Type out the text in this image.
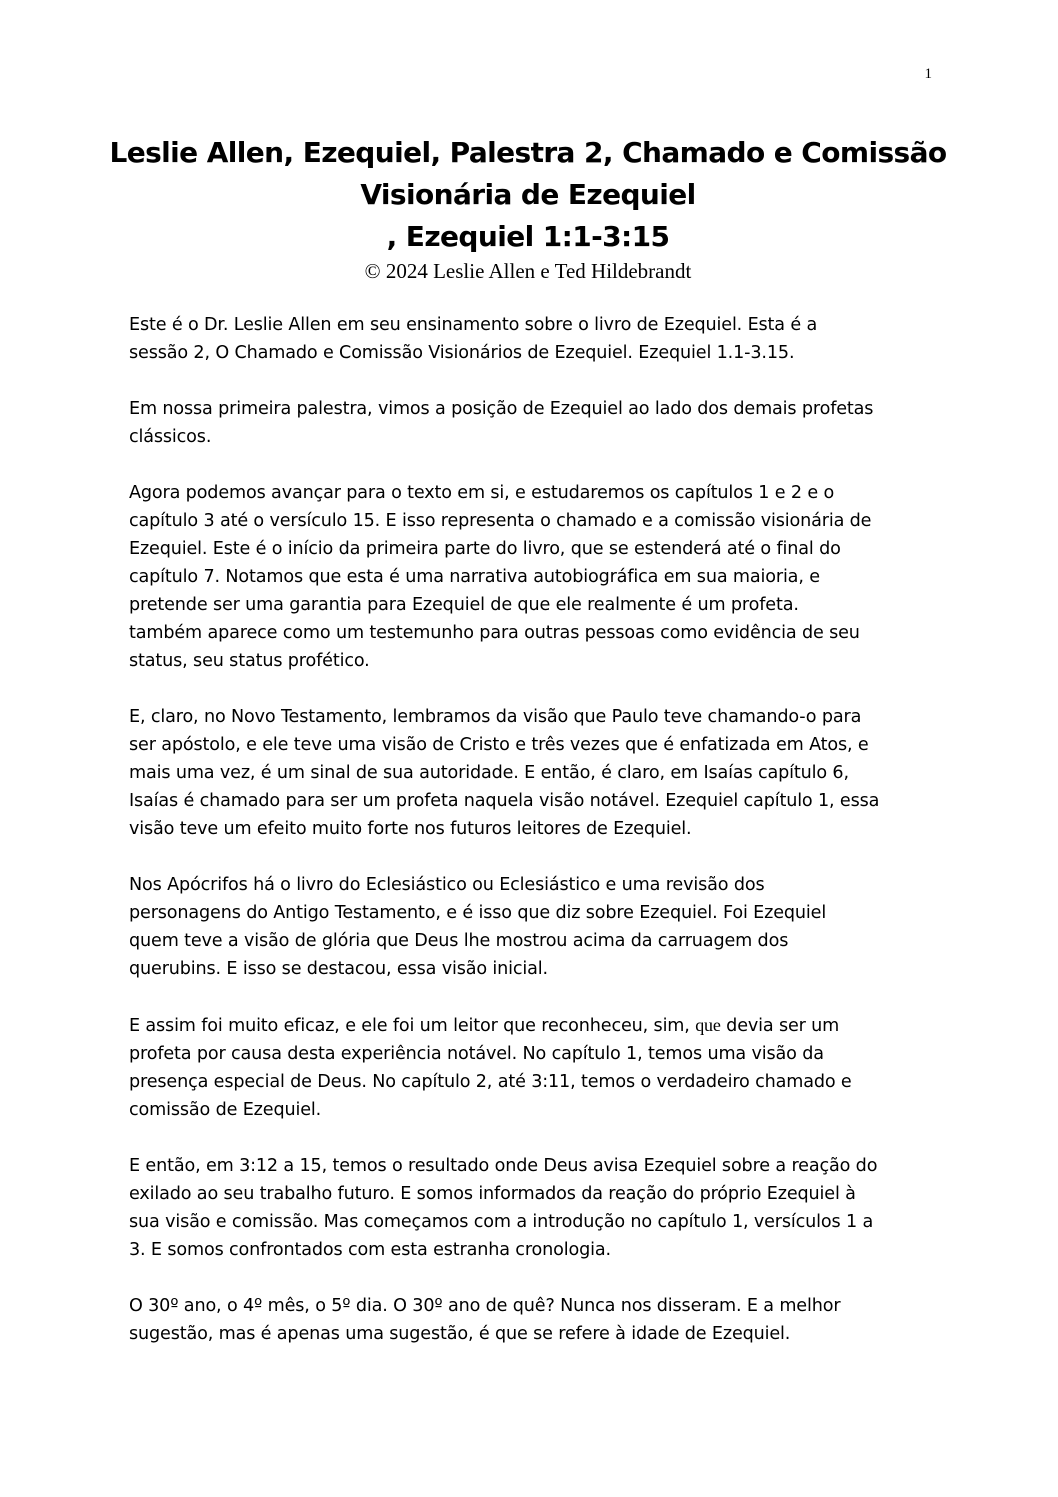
1
Leslie Allen, Ezequiel, Palestra 2, Chamado e Comissão
Visionária de Ezequiel
, Ezequiel 1:1-3:15
© 2024 Leslie Allen e Ted Hildebrandt
Este é o Dr. Leslie Allen em seu ensinamento sobre o livro de Ezequiel. Esta é a
sessão 2, O Chamado e Comissão Visionários de Ezequiel. Ezequiel 1.1-3.15.
Em nossa primeira palestra, vimos a posição de Ezequiel ao lado dos demais profetas
clássicos.
Agora podemos avançar para o texto em si, e estudaremos os capítulos 1 e 2 e o
capítulo 3 até o versículo 15. E isso representa o chamado e a comissão visionária de
Ezequiel. Este é o início da primeira parte do livro, que se estenderá até o final do
capítulo 7. Notamos que esta é uma narrativa autobiográfica em sua maioria, e
pretende ser uma garantia para Ezequiel de que ele realmente é um profeta.
também aparece como um testemunho para outras pessoas como evidência de seu
status, seu status profético.
E, claro, no Novo Testamento, lembramos da visão que Paulo teve chamando-o para
ser apóstolo, e ele teve uma visão de Cristo e três vezes que é enfatizada em Atos, e
mais uma vez, é um sinal de sua autoridade. E então, é claro, em Isaías capítulo 6,
Isaías é chamado para ser um profeta naquela visão notável. Ezequiel capítulo 1, essa
visão teve um efeito muito forte nos futuros leitores de Ezequiel.
Nos Apócrifos há o livro do Eclesiástico ou Eclesiástico e uma revisão dos
personagens do Antigo Testamento, e é isso que diz sobre Ezequiel. Foi Ezequiel
quem teve a visão de glória que Deus lhe mostrou acima da carruagem dos
querubins. E isso se destacou, essa visão inicial.
E assim foi muito eficaz, e ele foi um leitor que reconheceu, sim, que devia ser um
profeta por causa desta experiência notável. No capítulo 1, temos uma visão da
presença especial de Deus. No capítulo 2, até 3:11, temos o verdadeiro chamado e
comissão de Ezequiel.
E então, em 3:12 a 15, temos o resultado onde Deus avisa Ezequiel sobre a reação do
exilado ao seu trabalho futuro. E somos informados da reação do próprio Ezequiel à
sua visão e comissão. Mas começamos com a introdução no capítulo 1, versículos 1 a
3. E somos confrontados com esta estranha cronologia.
O 30º ano, o 4º mês, o 5º dia. O 30º ano de quê? Nunca nos disseram. E a melhor
sugestão, mas é apenas uma sugestão, é que se refere à idade de Ezequiel.
